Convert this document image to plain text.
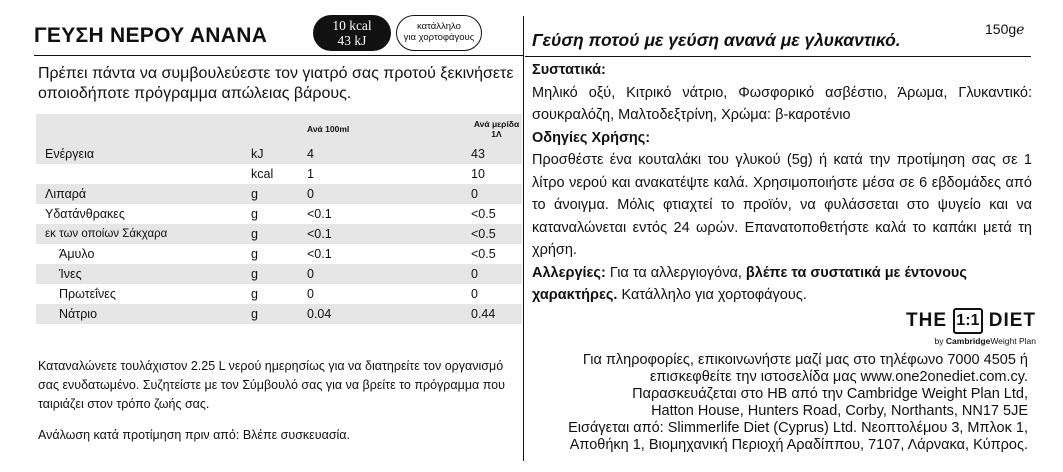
ΓΕΥΣΗ ΝΕΡΟΥ ΑΝΑΝΑ	10 kcal
43 kJ
κατάλληλο
για χορτοφάγους
150gℯ
Γεύση ποτού με γεύση ανανά με γλυκαντικό.
Πρέπει πάντα να συμβουλεύεστε τον γιατρό σας προτού ξεκινήσετε οποιοδήποτε πρόγραμμα απώλειας βάρους.
		Ανά 100ml	Ανά μερίδα 1Λ
Ενέργεια	kJ	4	43
	kcal	1	10
Λιπαρά	g	0	0
Υδατάνθρακες	g	<0.1	<0.5
εκ των οποίων Σάκχαρα	g	<0.1	<0.5
Άμυλο	g	<0.1	<0.5
Ίνες	g	0	0
Πρωτεΐνες	g	0	0
Νάτριο	g	0.04	0.44
Καταναλώνετε τουλάχιστον 2.25 L νερού ημερησίως για να διατηρείτε τον οργανισμό σας ενυδατωμένο. Συζητείστε με τον Σύμβουλό σας για να βρείτε το πρόγραμμα που ταιριάζει στον τρόπο ζωής σας.
Ανάλωση κατά προτίμηση πριν από: Βλέπε συσκευασία.

Συστατικά:

Μηλικό οξύ, Κιτρικό νάτριο, Φωσφορικό ασβέστιο, Άρωμα, Γλυκαντικό: σουκραλόζη, Μαλτοδεξτρίνη, Χρώμα: β-καροτένιο

Οδηγίες Χρήσης:

Προσθέστε ένα κουταλάκι του γλυκού (5g) ή κατά την προτίμηση σας σε 1 λίτρο νερού και ανακατέψτε καλά. Χρησιμοποιήστε μέσα σε 6 εβδομάδες από το άνοιγμα. Μόλις φτιαχτεί το προϊόν, να φυλάσσεται στο ψυγείο και να καταναλώνεται εντός 24 ωρών. Επανατοποθετήστε καλά το καπάκι μετά τη χρήση.

Αλλεργίες: Για τα αλλεργιογόνα, βλέπε τα συστατικά με έντονους χαρακτήρες. Κατάλληλο για χορτοφάγους.

THE 1:1 DIET
by CambridgeWeight Plan
Για πληροφορίες, επικοινωνήστε μαζί μας στο τηλέφωνο 7000 4505 ή
επισκεφθείτε την ιστοσελίδα μας www.one2onediet.com.cy.
Παρασκευάζεται στο ΗΒ από την Cambridge Weight Plan Ltd,
Hatton House, Hunters Road, Corby, Northants, NN17 5JE
Εισάγεται από: Slimmerlife Diet (Cyprus) Ltd. Νεοπτολέμου 3, Μπλοκ 1,
Αποθήκη 1, Βιομηχανική Περιοχή Αραδίππου, 7107, Λάρνακα, Κύπρος.
